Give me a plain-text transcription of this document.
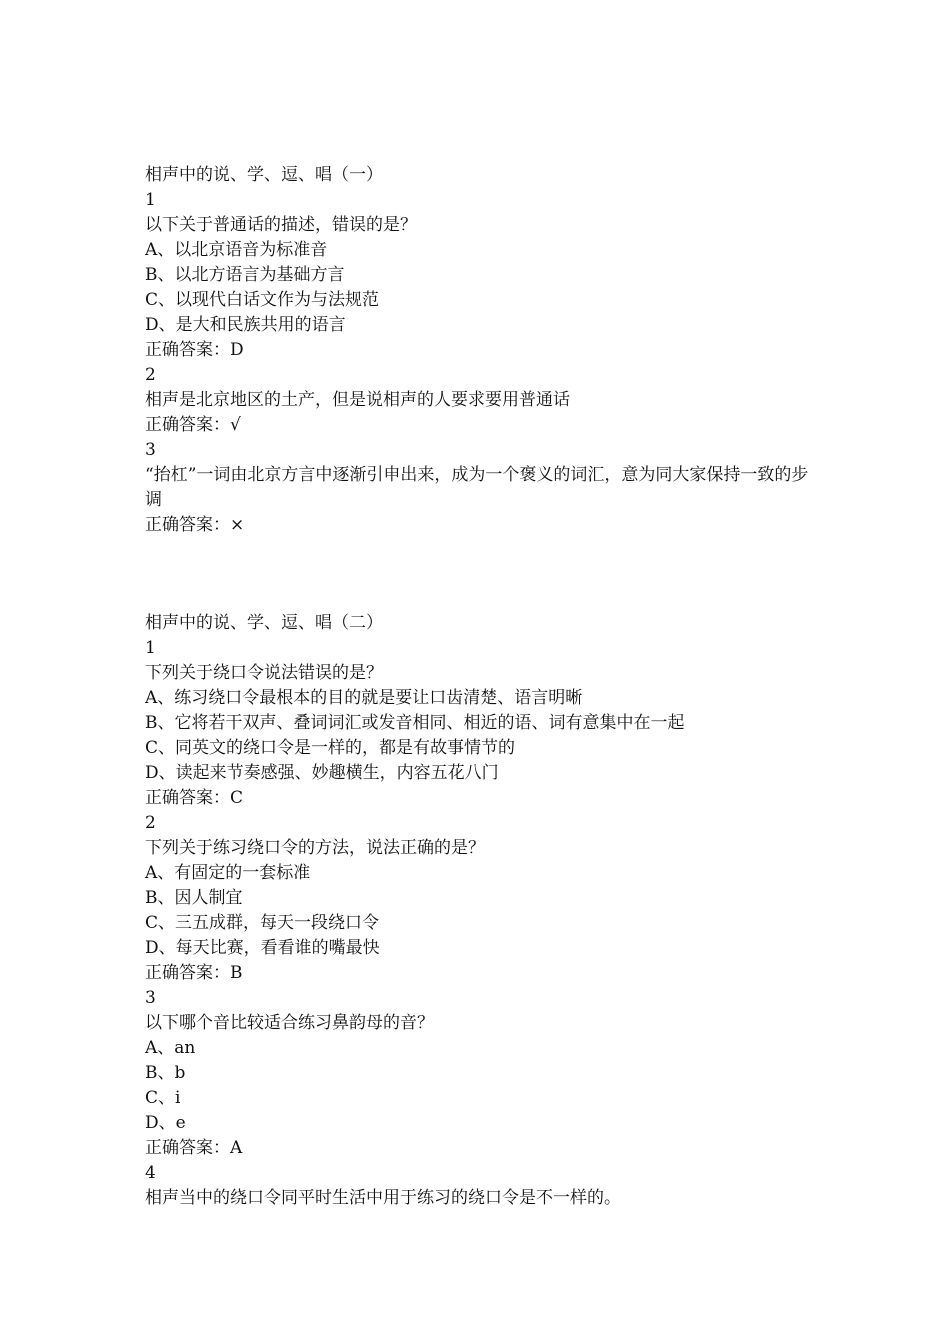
相声中的说、学、逗、唱（一）
1
以下关于普通话的描述，错误的是？
A、以北京语音为标准音
B、以北方语言为基础方言
C、以现代白话文作为与法规范
D、是大和民族共用的语言
正确答案：D
2
相声是北京地区的土产，但是说相声的人要求要用普通话
正确答案：√
3
“抬杠”一词由北京方言中逐渐引申出来，成为一个褒义的词汇，意为同大家保持一致的步调
正确答案：×
相声中的说、学、逗、唱（二）
1
下列关于绕口令说法错误的是？
A、练习绕口令最根本的目的就是要让口齿清楚、语言明晰
B、它将若干双声、叠词词汇或发音相同、相近的语、词有意集中在一起
C、同英文的绕口令是一样的，都是有故事情节的
D、读起来节奏感强、妙趣横生，内容五花八门
正确答案：C
2
下列关于练习绕口令的方法，说法正确的是？
A、有固定的一套标准
B、因人制宜
C、三五成群，每天一段绕口令
D、每天比赛，看看谁的嘴最快
正确答案：B
3
以下哪个音比较适合练习鼻韵母的音？
A、an
B、b
C、i
D、e
正确答案：A
4
相声当中的绕口令同平时生活中用于练习的绕口令是不一样的。
